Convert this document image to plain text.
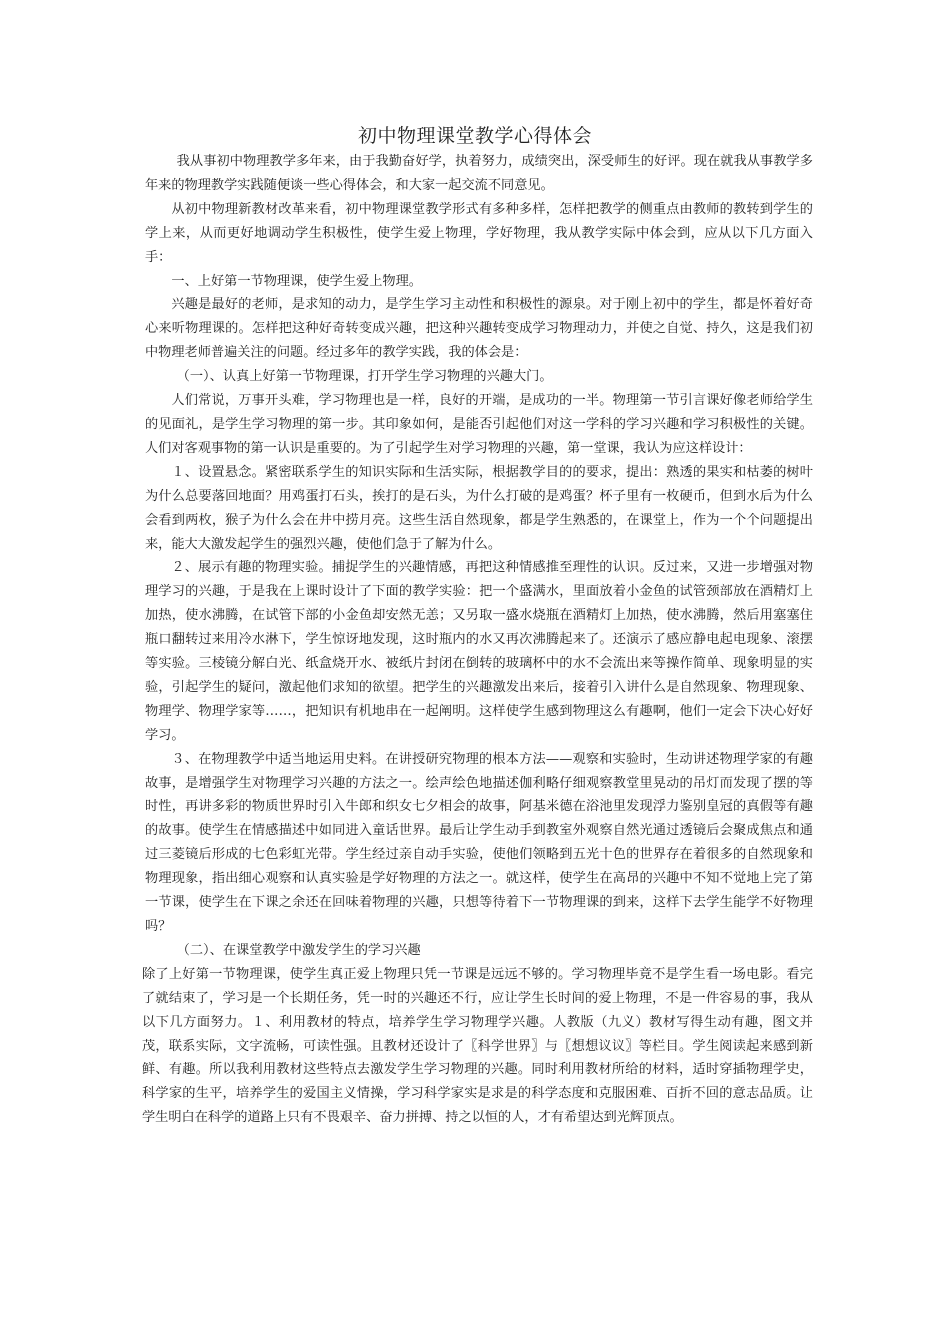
初中物理课堂教学心得体会

我从事初中物理教学多年来，由于我勤奋好学，执着努力，成绩突出，深受师生的好评。现在就我从事教学多年来的物理教学实践随便谈一些心得体会，和大家一起交流不同意见。

从初中物理新教材改革来看，初中物理课堂教学形式有多种多样，怎样把教学的侧重点由教师的教转到学生的学上来，从而更好地调动学生积极性，使学生爱上物理，学好物理，我从教学实际中体会到，应从以下几方面入手：

一、上好第一节物理课，使学生爱上物理。

兴趣是最好的老师，是求知的动力，是学生学习主动性和积极性的源泉。对于刚上初中的学生，都是怀着好奇心来听物理课的。怎样把这种好奇转变成兴趣，把这种兴趣转变成学习物理动力，并使之自觉、持久，这是我们初中物理老师普遍关注的问题。经过多年的教学实践，我的体会是：

（一）、认真上好第一节物理课，打开学生学习物理的兴趣大门。

人们常说，万事开头难，学习物理也是一样，良好的开端，是成功的一半。物理第一节引言课好像老师给学生的见面礼，是学生学习物理的第一步。其印象如何，是能否引起他们对这一学科的学习兴趣和学习积极性的关键。人们对客观事物的第一认识是重要的。为了引起学生对学习物理的兴趣，第一堂课，我认为应这样设计：

１、设置悬念。紧密联系学生的知识实际和生活实际，根据教学目的的要求，提出：熟透的果实和枯萎的树叶为什么总要落回地面？用鸡蛋打石头，挨打的是石头，为什么打破的是鸡蛋？杯子里有一枚硬币，但到水后为什么会看到两枚，猴子为什么会在井中捞月亮。这些生活自然现象，都是学生熟悉的，在课堂上，作为一个个问题提出来，能大大激发起学生的强烈兴趣，使他们急于了解为什么。

２、展示有趣的物理实验。捕捉学生的兴趣情感，再把这种情感推至理性的认识。反过来，又进一步增强对物理学习的兴趣，于是我在上课时设计了下面的教学实验：把一个盛满水，里面放着小金鱼的试管颈部放在酒精灯上加热，使水沸腾，在试管下部的小金鱼却安然无恙；又另取一盛水烧瓶在酒精灯上加热，使水沸腾，然后用塞塞住瓶口翻转过来用冷水淋下，学生惊讶地发现，这时瓶内的水又再次沸腾起来了。还演示了感应静电起电现象、滚摆等实验。三棱镜分解白光、纸盒烧开水、被纸片封闭在倒转的玻璃杯中的水不会流出来等操作简单、现象明显的实验，引起学生的疑问，激起他们求知的欲望。把学生的兴趣激发出来后，接着引入讲什么是自然现象、物理现象、物理学、物理学家等……，把知识有机地串在一起阐明。这样使学生感到物理这么有趣啊，他们一定会下决心好好学习。

３、在物理教学中适当地运用史料。在讲授研究物理的根本方法——观察和实验时，生动讲述物理学家的有趣故事，是增强学生对物理学习兴趣的方法之一。绘声绘色地描述伽利略仔细观察教堂里晃动的吊灯而发现了摆的等时性，再讲多彩的物质世界时引入牛郎和织女七夕相会的故事，阿基米德在浴池里发现浮力鉴别皇冠的真假等有趣的故事。使学生在情感描述中如同进入童话世界。最后让学生动手到教室外观察自然光通过透镜后会聚成焦点和通过三菱镜后形成的七色彩虹光带。学生经过亲自动手实验，使他们领略到五光十色的世界存在着很多的自然现象和物理现象，指出细心观察和认真实验是学好物理的方法之一。就这样，使学生在高昂的兴趣中不知不觉地上完了第一节课，使学生在下课之余还在回味着物理的兴趣，只想等待着下一节物理课的到来，这样下去学生能学不好物理吗？

（二）、在课堂教学中激发学生的学习兴趣

除了上好第一节物理课，使学生真正爱上物理只凭一节课是远远不够的。学习物理毕竟不是学生看一场电影。看完了就结束了，学习是一个长期任务，凭一时的兴趣还不行，应让学生长时间的爱上物理，不是一件容易的事，我从以下几方面努力。１、利用教材的特点，培养学生学习物理学兴趣。人教版（九义）教材写得生动有趣，图文并茂，联系实际，文字流畅，可读性强。且教材还设计了〖科学世界〗与〖想想议议〗等栏目。学生阅读起来感到新鲜、有趣。所以我利用教材这些特点去激发学生学习物理的兴趣。同时利用教材所给的材料，适时穿插物理学史，科学家的生平，培养学生的爱国主义情操，学习科学家实是求是的科学态度和克服困难、百折不回的意志品质。让学生明白在科学的道路上只有不畏艰辛、奋力拼搏、持之以恒的人，才有希望达到光辉顶点。
